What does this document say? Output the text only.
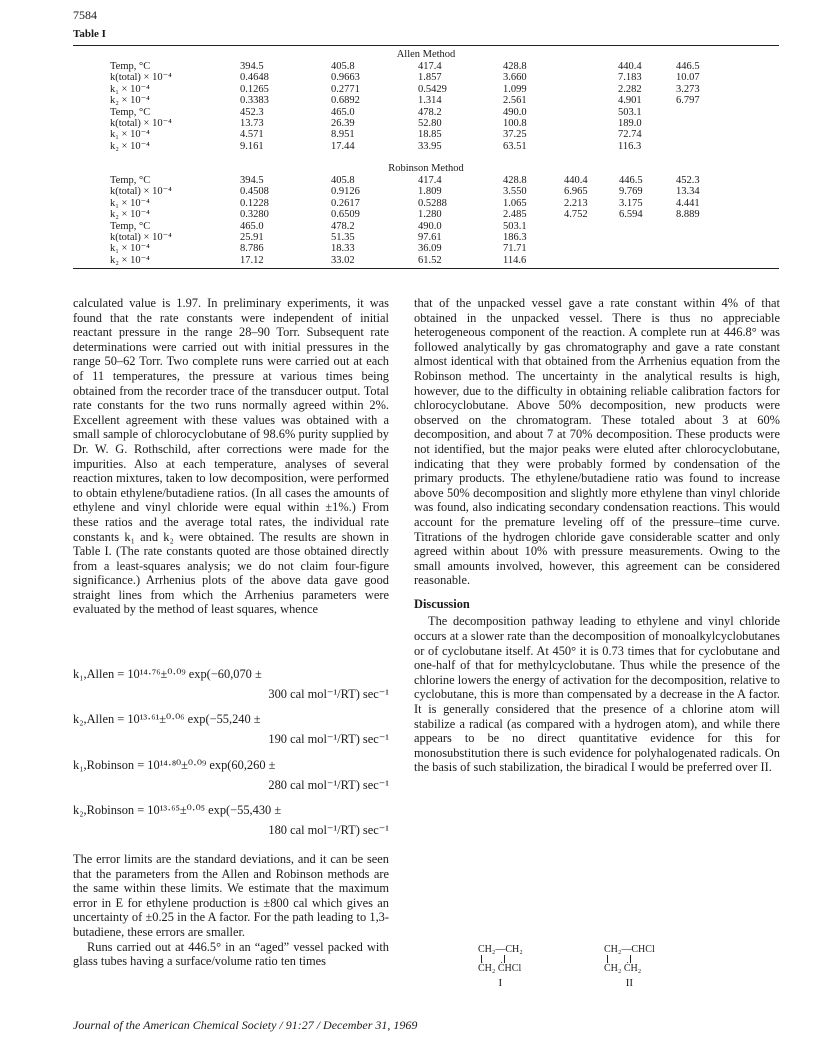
7584
Table I
Allen Method
Temp, °C	394.5	405.8	417.4	428.8	440.4	446.5
k(total) × 10⁻⁴	0.4648	0.9663	1.857	3.660	7.183	10.07
k₁ × 10⁻⁴	0.1265	0.2771	0.5429	1.099	2.282	3.273
k₂ × 10⁻⁴	0.3383	0.6892	1.314	2.561	4.901	6.797
Temp, °C	452.3	465.0	478.2	490.0	503.1
k(total) × 10⁻⁴	13.73	26.39	52.80	100.8	189.0
k₁ × 10⁻⁴	4.571	8.951	18.85	37.25	72.74
k₂ × 10⁻⁴	9.161	17.44	33.95	63.51	116.3
Robinson Method
Temp, °C	394.5	405.8	417.4	428.8	440.4	446.5	452.3
k(total) × 10⁻⁴	0.4508	0.9126	1.809	3.550	6.965	9.769	13.34
k₁ × 10⁻⁴	0.1228	0.2617	0.5288	1.065	2.213	3.175	4.441
k₂ × 10⁻⁴	0.3280	0.6509	1.280	2.485	4.752	6.594	8.889
Temp, °C	465.0	478.2	490.0	503.1
k(total) × 10⁻⁴	25.91	51.35	97.61	186.3
k₁ × 10⁻⁴	8.786	18.33	36.09	71.71
k₂ × 10⁻⁴	17.12	33.02	61.52	114.6

calculated value is 1.97. In preliminary experiments, it was found that the rate constants were independent of initial reactant pressure in the range 28–90 Torr. Subsequent rate determinations were carried out with initial pressures in the range 50–62 Torr. Two complete runs were carried out at each of 11 temperatures, the pressure at various times being obtained from the recorder trace of the transducer output. Total rate constants for the two runs normally agreed within 2%. Excellent agreement with these values was obtained with a small sample of chlorocyclobutane of 98.6% purity supplied by Dr. W. G. Rothschild, after corrections were made for the impurities. Also at each temperature, analyses of several reaction mixtures, taken to low decomposition, were performed to obtain ethylene/butadiene ratios. (In all cases the amounts of ethylene and vinyl chloride were equal within ±1%.) From these ratios and the average total rates, the individual rate constants k₁ and k₂ were obtained. The results are shown in Table I. (The rate constants quoted are those obtained directly from a least-squares analysis; we do not claim four-figure significance.) Arrhenius plots of the above data gave good straight lines from which the Arrhenius parameters were evaluated by the method of least squares, whence

k₁,Allen = 10¹⁴·⁷⁶±⁰·⁰⁹ exp(−60,070 ±
300 cal mol⁻¹/RT) sec⁻¹
k₂,Allen = 10¹³·⁶¹±⁰·⁰⁶ exp(−55,240 ±
190 cal mol⁻¹/RT) sec⁻¹
k₁,Robinson = 10¹⁴·⁸⁰±⁰·⁰⁹ exp(60,260 ±
280 cal mol⁻¹/RT) sec⁻¹
k₂,Robinson = 10¹³·⁶⁵±⁰·⁰⁵ exp(−55,430 ±
180 cal mol⁻¹/RT) sec⁻¹

The error limits are the standard deviations, and it can be seen that the parameters from the Allen and Robinson methods are the same within these limits. We estimate that the maximum error in E for ethylene production is ±800 cal which gives an uncertainty of ±0.25 in the A factor. For the path leading to 1,3-butadiene, these errors are smaller.

Runs carried out at 446.5° in an “aged” vessel packed with glass tubes having a surface/volume ratio ten times

that of the unpacked vessel gave a rate constant within 4% of that obtained in the unpacked vessel. There is thus no appreciable heterogeneous component of the reaction. A complete run at 446.8° was followed analytically by gas chromatography and gave a rate constant almost identical with that obtained from the Arrhenius equation from the Robinson method. The uncertainty in the analytical results is high, however, due to the difficulty in obtaining reliable calibration factors for chlorocyclobutane. Above 50% decomposition, new products were observed on the chromatogram. These totaled about 3 at 60% decomposition, and about 7 at 70% decomposition. These products were not identified, but the major peaks were eluted after chlorocyclobutane, indicating that they were probably formed by condensation of the primary products. The ethylene/butadiene ratio was found to increase above 50% decomposition and slightly more ethylene than vinyl chloride was found, also indicating secondary condensation reactions. This would account for the premature leveling off of the pressure–time curve. Titrations of the hydrogen chloride gave considerable scatter and only agreed within about 10% with pressure measurements. Owing to the small amounts involved, however, this agreement can be considered reasonable.

Discussion

The decomposition pathway leading to ethylene and vinyl chloride occurs at a slower rate than the decomposition of monoalkylcyclobutanes or of cyclobutane itself. At 450° it is 0.73 times that for cyclobutane and one-half of that for methylcyclobutane. Thus while the presence of the chlorine lowers the energy of activation for the decomposition, relative to cyclobutane, this is more than compensated by a decrease in the A factor. It is generally considered that the presence of a chlorine atom will stabilize a radical (as compared with a hydrogen atom), and while there appears to be no direct quantitative evidence for this for monosubstitution there is such evidence for polyhalogenated radicals. On the basis of such stabilization, the biradical I would be preferred over II.

CH₂—CH₂
ĊH₂ ĊHCl
I
CH₂—CHCl
ĊH₂ ĊH₂
II
Journal of the American Chemical Society / 91:27 / December 31, 1969
